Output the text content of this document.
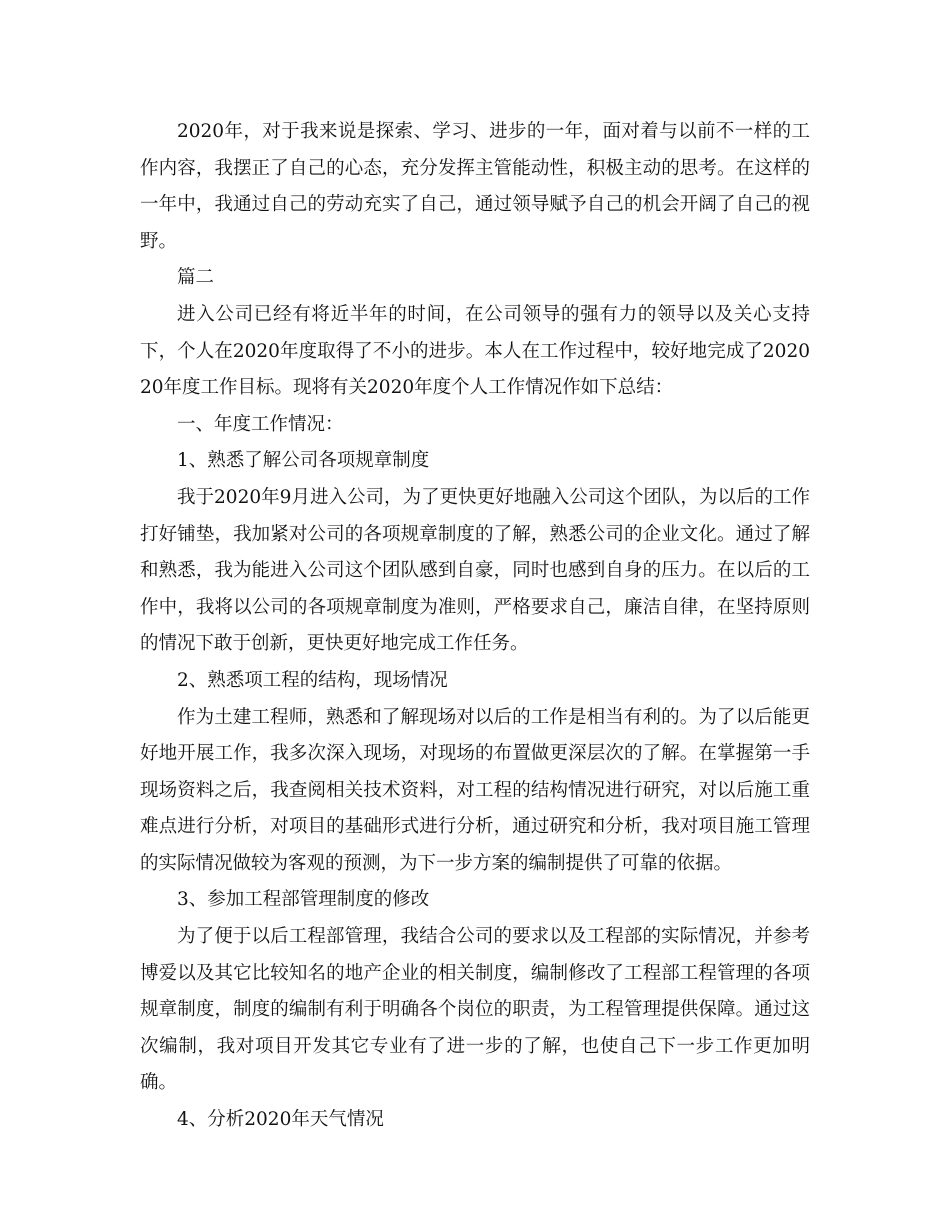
2020年，对于我来说是探索、学习、进步的一年，面对着与以前不一样的工作内容，我摆正了自己的心态，充分发挥主管能动性，积极主动的思考。在这样的一年中，我通过自己的劳动充实了自己，通过领导赋予自己的机会开阔了自己的视野。

篇二

进入公司已经有将近半年的时间，在公司领导的强有力的领导以及关心支持下，个人在2020年度取得了不小的进步。本人在工作过程中，较好地完成了202020年度工作目标。现将有关2020年度个人工作情况作如下总结：

一、年度工作情况：

1、熟悉了解公司各项规章制度

我于2020年9月进入公司，为了更快更好地融入公司这个团队，为以后的工作打好铺垫，我加紧对公司的各项规章制度的了解，熟悉公司的企业文化。通过了解和熟悉，我为能进入公司这个团队感到自豪，同时也感到自身的压力。在以后的工作中，我将以公司的各项规章制度为准则，严格要求自己，廉洁自律，在坚持原则的情况下敢于创新，更快更好地完成工作任务。

2、熟悉项工程的结构，现场情况

作为土建工程师，熟悉和了解现场对以后的工作是相当有利的。为了以后能更好地开展工作，我多次深入现场，对现场的布置做更深层次的了解。在掌握第一手现场资料之后，我查阅相关技术资料，对工程的结构情况进行研究，对以后施工重难点进行分析，对项目的基础形式进行分析，通过研究和分析，我对项目施工管理的实际情况做较为客观的预测，为下一步方案的编制提供了可靠的依据。

3、参加工程部管理制度的修改

为了便于以后工程部管理，我结合公司的要求以及工程部的实际情况，并参考博爱以及其它比较知名的地产企业的相关制度，编制修改了工程部工程管理的各项规章制度，制度的编制有利于明确各个岗位的职责，为工程管理提供保障。通过这次编制，我对项目开发其它专业有了进一步的了解，也使自己下一步工作更加明确。

4、分析2020年天气情况
